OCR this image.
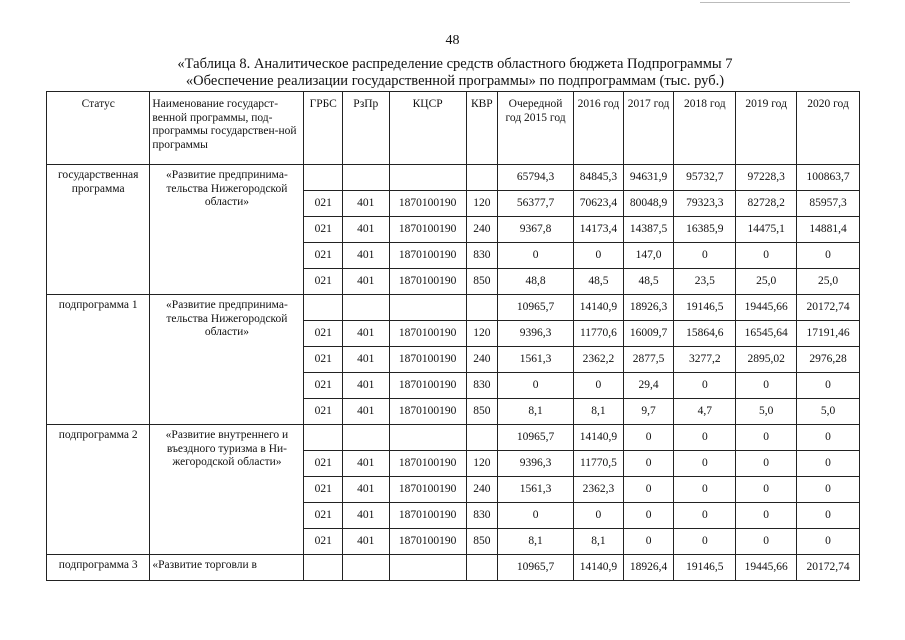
48
«Таблица 8. Аналитическое распределение средств областного бюджета Подпрограммы 7
«Обеспечение реализации государственной программы» по подпрограммам (тыс. руб.)
Статус	Наименование государст-венной программы, под-программы государствен-ной программы	ГРБС	РзПр	КЦСР	КВР	Очередной год 2015 год	2016 год	2017 год	2018 год	2019 год	2020 год
государственная программа	«Развитие предпринима-тельства Нижегородской области»					65794,3	84845,3	94631,9	95732,7	97228,3	100863,7
		021	401	1870100190	120	56377,7	70623,4	80048,9	79323,3	82728,2	85957,3
		021	401	1870100190	240	9367,8	14173,4	14387,5	16385,9	14475,1	14881,4
		021	401	1870100190	830	0	0	147,0	0	0	0
		021	401	1870100190	850	48,8	48,5	48,5	23,5	25,0	25,0
подпрограмма 1	«Развитие предпринима-тельства Нижегородской области»					10965,7	14140,9	18926,3	19146,5	19445,66	20172,74
		021	401	1870100190	120	9396,3	11770,6	16009,7	15864,6	16545,64	17191,46
		021	401	1870100190	240	1561,3	2362,2	2877,5	3277,2	2895,02	2976,28
		021	401	1870100190	830	0	0	29,4	0	0	0
		021	401	1870100190	850	8,1	8,1	9,7	4,7	5,0	5,0
подпрограмма 2	«Развитие внутреннего и въездного туризма в Ни-жегородской области»					10965,7	14140,9	0	0	0	0
		021	401	1870100190	120	9396,3	11770,5	0	0	0	0
		021	401	1870100190	240	1561,3	2362,3	0	0	0	0
		021	401	1870100190	830	0	0	0	0	0	0
		021	401	1870100190	850	8,1	8,1	0	0	0	0
подпрограмма 3	«Развитие торговли в					10965,7	14140,9	18926,4	19146,5	19445,66	20172,74
